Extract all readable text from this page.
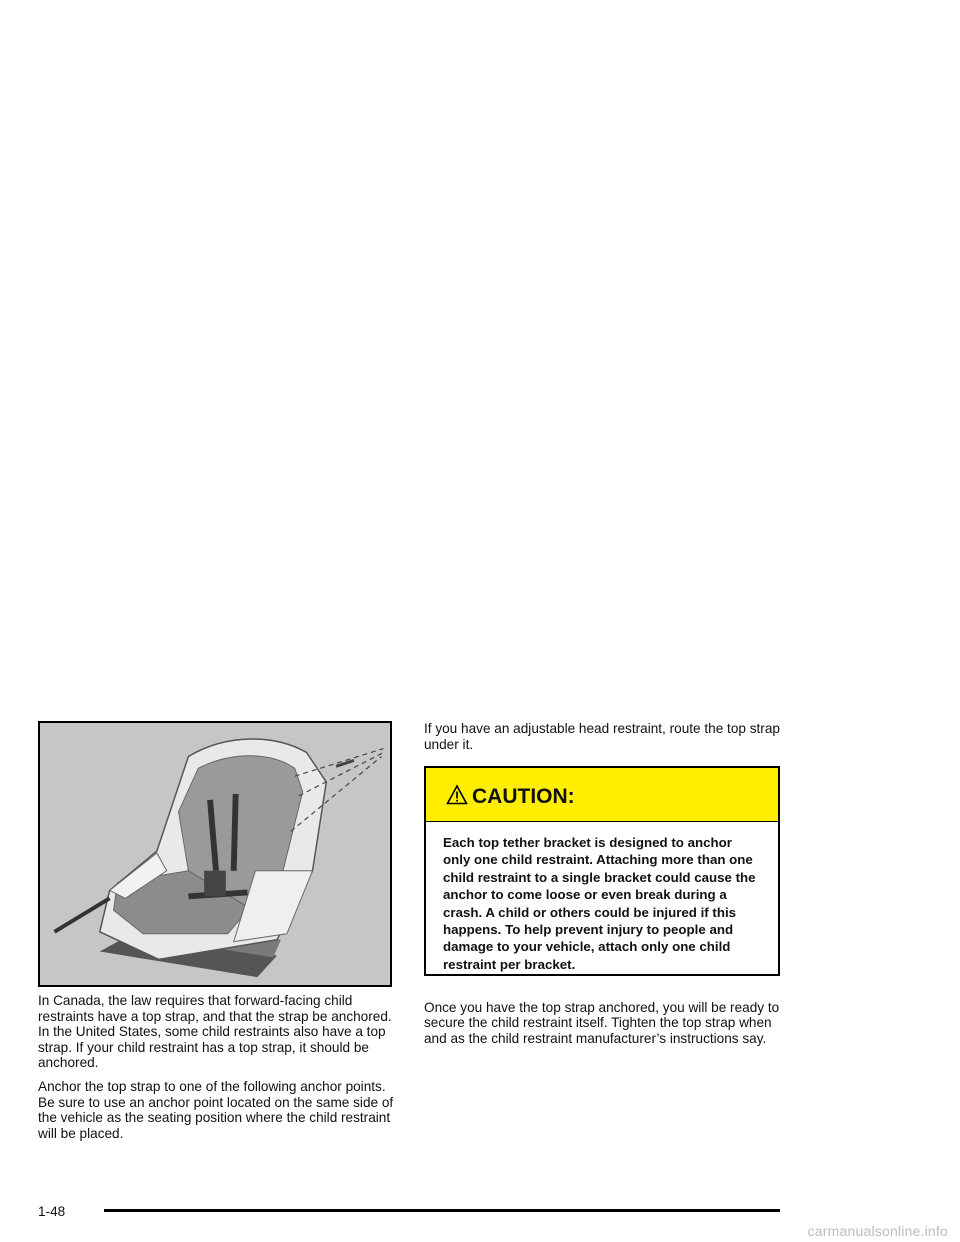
In Canada, the law requires that forward-facing child restraints have a top strap, and that the strap be anchored. In the United States, some child restraints also have a top strap. If your child restraint has a top strap, it should be anchored.

Anchor the top strap to one of the following anchor points. Be sure to use an anchor point located on the same side of the vehicle as the seating position where the child restraint will be placed.

If you have an adjustable head restraint, route the top strap under it.

CAUTION:
Each top tether bracket is designed to anchor only one child restraint. Attaching more than one child restraint to a single bracket could cause the anchor to come loose or even break during a crash. A child or others could be injured if this happens. To help prevent injury to people and damage to your vehicle, attach only one child restraint per bracket.

Once you have the top strap anchored, you will be ready to secure the child restraint itself. Tighten the top strap when and as the child restraint manufacturer’s instructions say.

1-48
carmanualsonline.info
